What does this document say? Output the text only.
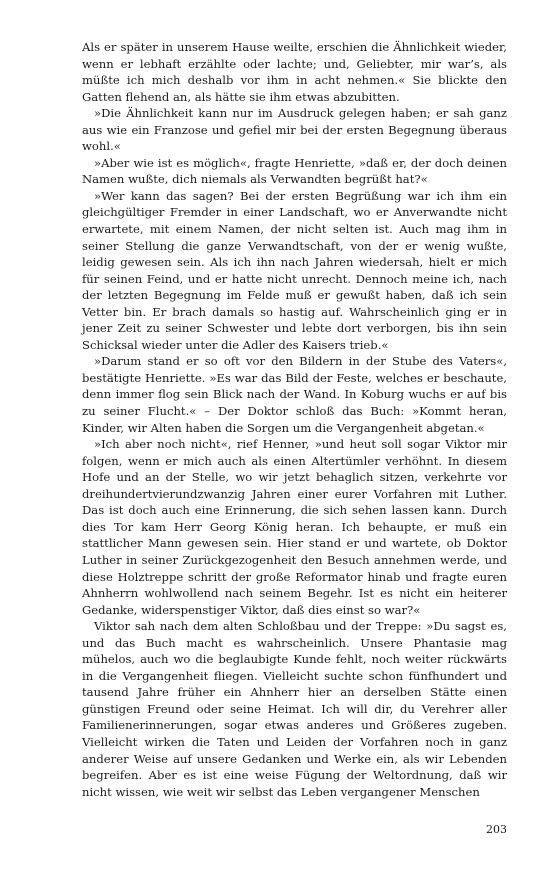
Als er später in unserem Hause weilte, erschien die Ähnlichkeit wieder, wenn er lebhaft erzählte oder lachte; und, Geliebter, mir war’s, als müßte ich mich deshalb vor ihm in acht nehmen.« Sie blickte den Gatten flehend an, als hätte sie ihm etwas abzubitten.

»Die Ähnlichkeit kann nur im Ausdruck gelegen haben; er sah ganz aus wie ein Franzose und gefiel mir bei der ersten Begegnung überaus wohl.«

»Aber wie ist es möglich«, fragte Henriette, »daß er, der doch deinen Namen wußte, dich niemals als Verwandten begrüßt hat?«

»Wer kann das sagen? Bei der ersten Begrüßung war ich ihm ein gleichgültiger Fremder in einer Landschaft, wo er Anverwandte nicht erwartete, mit einem Namen, der nicht selten ist. Auch mag ihm in seiner Stellung die ganze Verwandtschaft, von der er wenig wußte, leidig gewesen sein. Als ich ihn nach Jahren wiedersah, hielt er mich für seinen Feind, und er hatte nicht unrecht. Dennoch meine ich, nach der letzten Begegnung im Felde muß er gewußt haben, daß ich sein Vetter bin. Er brach damals so hastig auf. Wahrscheinlich ging er in jener Zeit zu seiner Schwester und lebte dort verborgen, bis ihn sein Schicksal wieder unter die Adler des Kaisers trieb.«

»Darum stand er so oft vor den Bildern in der Stube des Vaters«, bestätigte Henriette. »Es war das Bild der Feste, welches er beschaute, denn immer flog sein Blick nach der Wand. In Koburg wuchs er auf bis zu seiner Flucht.« – Der Doktor schloß das Buch: »Kommt heran, Kinder, wir Alten haben die Sorgen um die Vergangenheit abgetan.«

»Ich aber noch nicht«, rief Henner, »und heut soll sogar Viktor mir folgen, wenn er mich auch als einen Altertümler verhöhnt. In diesem Hofe und an der Stelle, wo wir jetzt behaglich sitzen, verkehrte vor dreihundertvierundzwanzig Jahren einer eurer Vorfahren mit Luther. Das ist doch auch eine Erinnerung, die sich sehen lassen kann. Durch dies Tor kam Herr Georg König heran. Ich behaupte, er muß ein stattlicher Mann gewesen sein. Hier stand er und wartete, ob Doktor Luther in seiner Zurückgezogenheit den Besuch annehmen werde, und diese Holztreppe schritt der große Reformator hinab und fragte euren Ahnherrn wohlwollend nach seinem Begehr. Ist es nicht ein heiterer Gedanke, widerspenstiger Viktor, daß dies einst so war?«

Viktor sah nach dem alten Schloßbau und der Treppe: »Du sagst es, und das Buch macht es wahrscheinlich. Unsere Phantasie mag mühelos, auch wo die beglaubigte Kunde fehlt, noch weiter rückwärts in die Vergangenheit fliegen. Vielleicht suchte schon fünfhundert und tausend Jahre früher ein Ahnherr hier an derselben Stätte einen günstigen Freund oder seine Heimat. Ich will dir, du Verehrer aller Familienerinnerungen, sogar etwas anderes und Größeres zugeben. Vielleicht wirken die Taten und Leiden der Vorfahren noch in ganz anderer Weise auf unsere Gedanken und Werke ein, als wir Lebenden begreifen. Aber es ist eine weise Fügung der Weltordnung, daß wir nicht wissen, wie weit wir selbst das Leben vergangener Menschen

203
